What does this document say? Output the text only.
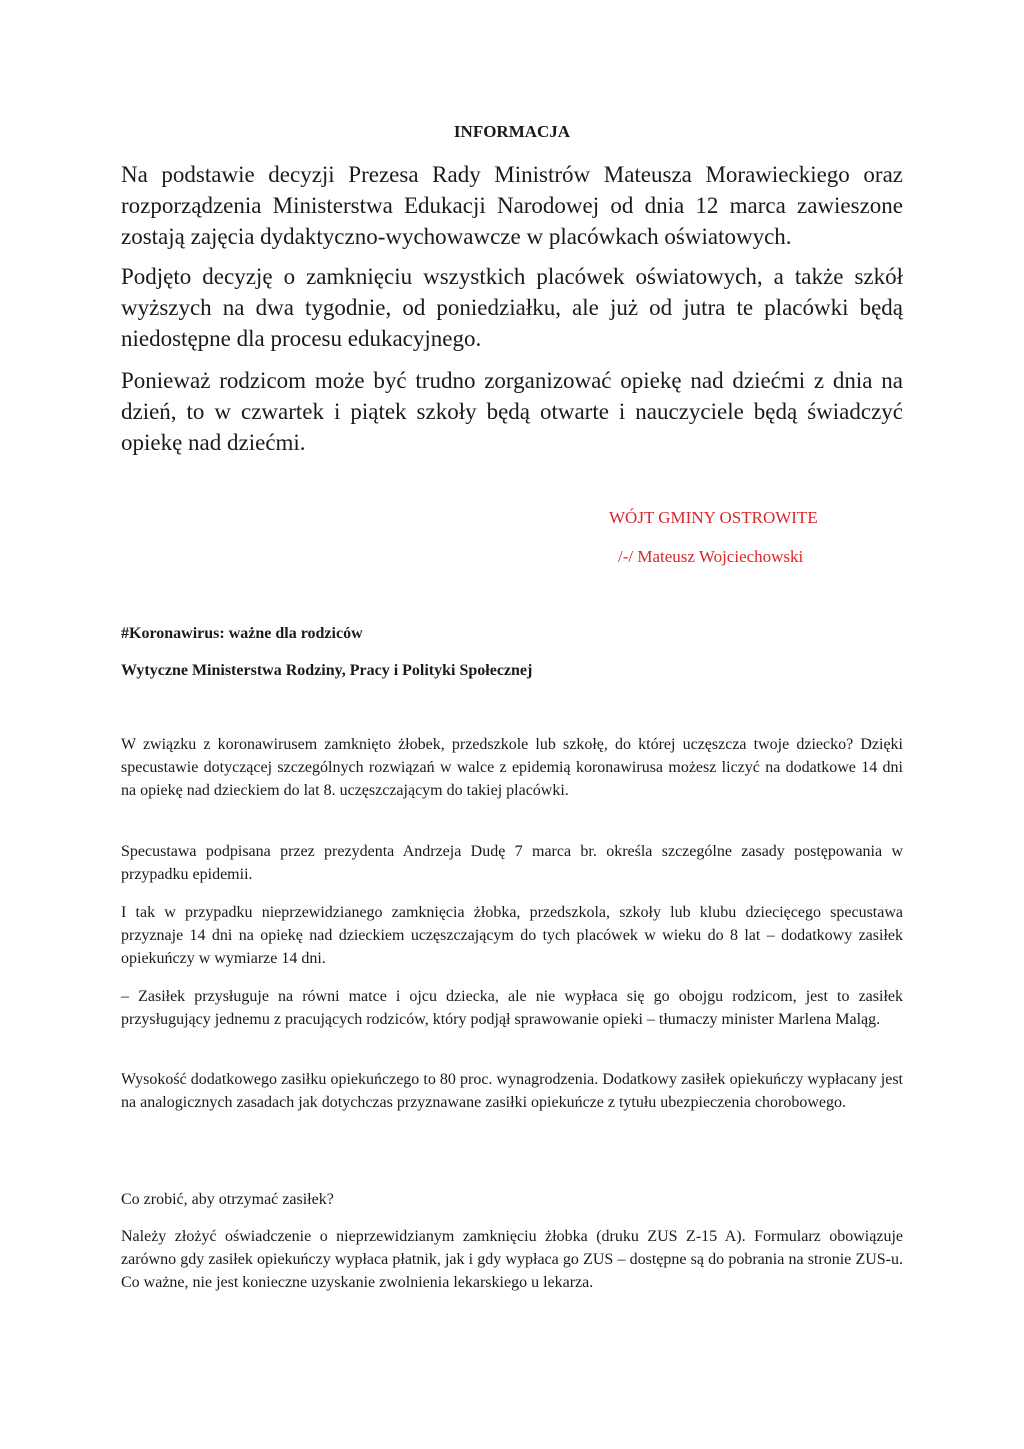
INFORMACJA

Na podstawie decyzji Prezesa Rady Ministrów Mateusza Morawieckiego oraz rozporządzenia Ministerstwa Edukacji Narodowej od dnia 12 marca zawieszone zostają zajęcia dydaktyczno-wychowawcze w placówkach oświatowych.

Podjęto decyzję o zamknięciu wszystkich placówek oświatowych, a także szkół wyższych na dwa tygodnie, od poniedziałku, ale już od jutra te placówki będą niedostępne dla procesu edukacyjnego.

Ponieważ rodzicom może być trudno zorganizować opiekę nad dziećmi z dnia na dzień, to w czwartek i piątek szkoły będą otwarte i nauczyciele będą świadczyć opiekę nad dziećmi.

WÓJT GMINY OSTROWITE

/-/ Mateusz Wojciechowski

#Koronawirus: ważne dla rodziców

Wytyczne Ministerstwa Rodziny, Pracy i Polityki Społecznej

W związku z koronawirusem zamknięto żłobek, przedszkole lub szkołę, do której uczęszcza twoje dziecko? Dzięki specustawie dotyczącej szczególnych rozwiązań w walce z epidemią koronawirusa możesz liczyć na dodatkowe 14 dni na opiekę nad dzieckiem do lat 8. uczęszczającym do takiej placówki.

Specustawa podpisana przez prezydenta Andrzeja Dudę 7 marca br. określa szczególne zasady postępowania w przypadku epidemii.

I tak w przypadku nieprzewidzianego zamknięcia żłobka, przedszkola, szkoły lub klubu dziecięcego specustawa przyznaje 14 dni na opiekę nad dzieckiem uczęszczającym do tych placówek w wieku do 8 lat – dodatkowy zasiłek opiekuńczy w wymiarze 14 dni.

– Zasiłek przysługuje na równi matce i ojcu dziecka, ale nie wypłaca się go obojgu rodzicom, jest to zasiłek przysługujący jednemu z pracujących rodziców, który podjął sprawowanie opieki – tłumaczy minister Marlena Maląg.

Wysokość dodatkowego zasiłku opiekuńczego to 80 proc. wynagrodzenia. Dodatkowy zasiłek opiekuńczy wypłacany jest na analogicznych zasadach jak dotychczas przyznawane zasiłki opiekuńcze z tytułu ubezpieczenia chorobowego.

Co zrobić, aby otrzymać zasiłek?

Należy złożyć oświadczenie o nieprzewidzianym zamknięciu żłobka (druku ZUS Z-15 A). Formularz obowiązuje zarówno gdy zasiłek opiekuńczy wypłaca płatnik, jak i gdy wypłaca go ZUS – dostępne są do pobrania na stronie ZUS-u. Co ważne, nie jest konieczne uzyskanie zwolnienia lekarskiego u lekarza.
